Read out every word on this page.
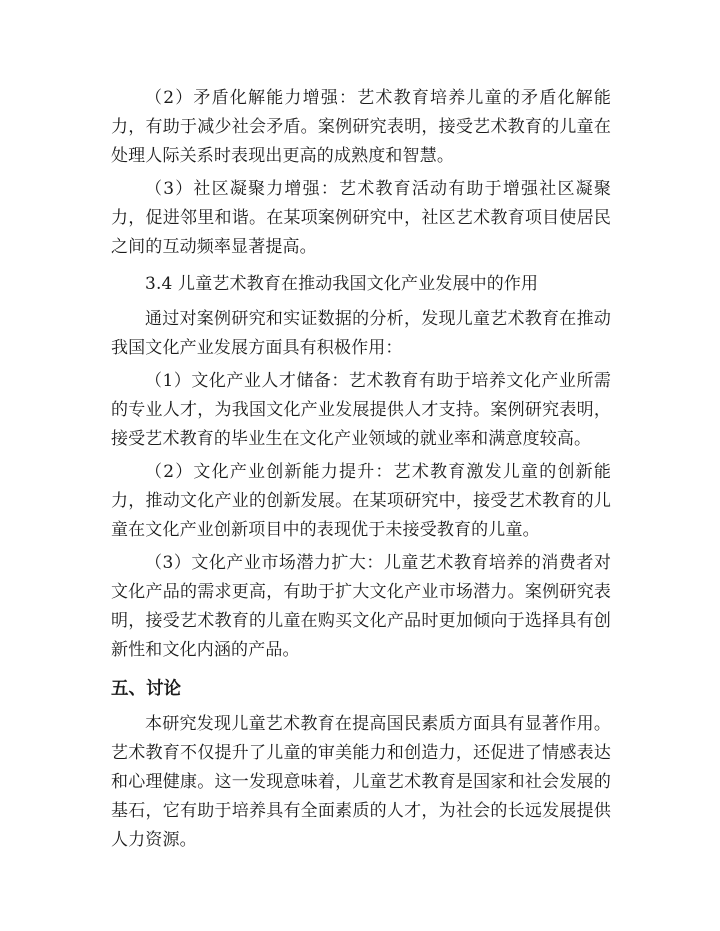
（2）矛盾化解能力增强：艺术教育培养儿童的矛盾化解能力，有助于减少社会矛盾。案例研究表明，接受艺术教育的儿童在处理人际关系时表现出更高的成熟度和智慧。

（3）社区凝聚力增强：艺术教育活动有助于增强社区凝聚力，促进邻里和谐。在某项案例研究中，社区艺术教育项目使居民之间的互动频率显著提高。

3.4 儿童艺术教育在推动我国文化产业发展中的作用

通过对案例研究和实证数据的分析，发现儿童艺术教育在推动我国文化产业发展方面具有积极作用：

（1）文化产业人才储备：艺术教育有助于培养文化产业所需的专业人才，为我国文化产业发展提供人才支持。案例研究表明，接受艺术教育的毕业生在文化产业领域的就业率和满意度较高。

（2）文化产业创新能力提升：艺术教育激发儿童的创新能力，推动文化产业的创新发展。在某项研究中，接受艺术教育的儿童在文化产业创新项目中的表现优于未接受教育的儿童。

（3）文化产业市场潜力扩大：儿童艺术教育培养的消费者对文化产品的需求更高，有助于扩大文化产业市场潜力。案例研究表明，接受艺术教育的儿童在购买文化产品时更加倾向于选择具有创新性和文化内涵的产品。

五、讨论

本研究发现儿童艺术教育在提高国民素质方面具有显著作用。艺术教育不仅提升了儿童的审美能力和创造力，还促进了情感表达和心理健康。这一发现意味着，儿童艺术教育是国家和社会发展的基石，它有助于培养具有全面素质的人才，为社会的长远发展提供人力资源。
